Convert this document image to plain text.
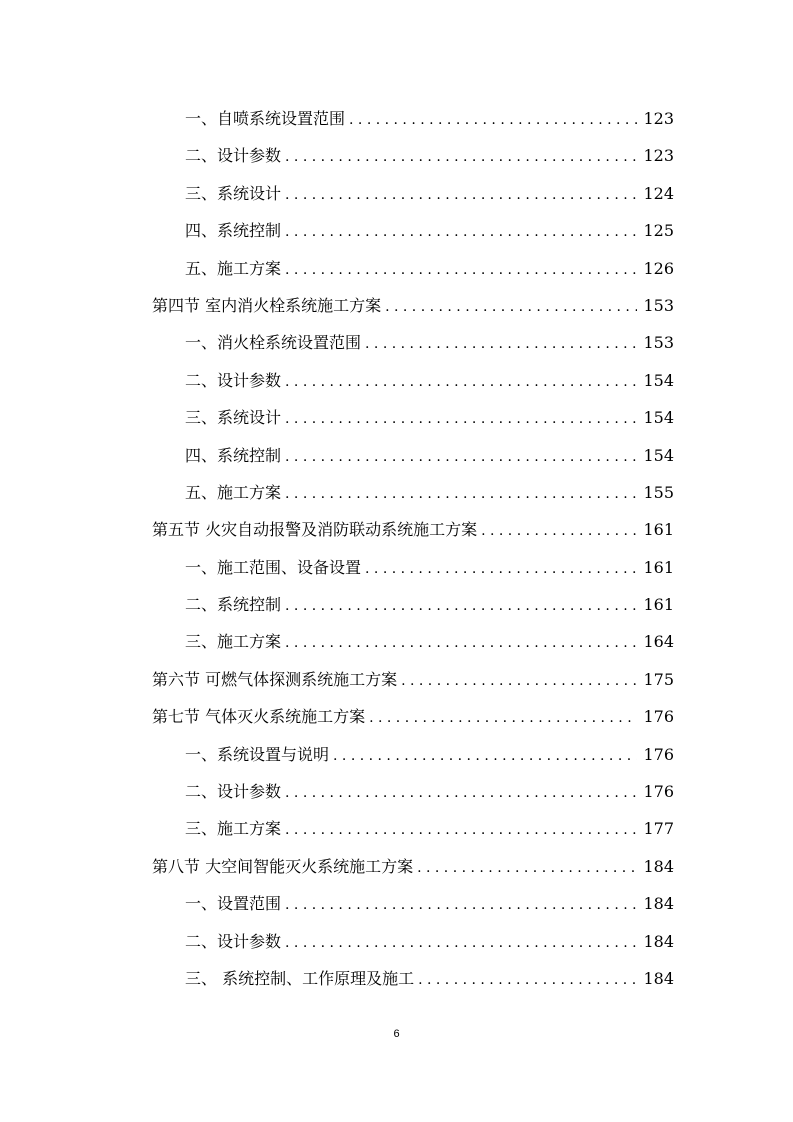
一、自喷系统设置范围 . . .	123
二、设计参数 . . .	123
三、系统设计 . . .	124
四、系统控制 . . .	125
五、施工方案 . . .	126
第四节 室内消火栓系统施工方案 . . .	153
一、消火栓系统设置范围 . . .	153
二、设计参数 . . .	154
三、系统设计 . . .	154
四、系统控制 . . .	154
五、施工方案 . . .	155
第五节 火灾自动报警及消防联动系统施工方案 . . .	161
一、施工范围、设备设置 . . .	161
二、系统控制 . . .	161
三、施工方案 . . .	164
第六节 可燃气体探测系统施工方案 . . .	175
第七节 气体灭火系统施工方案 . . .	176
一、系统设置与说明 . . .	176
二、设计参数 . . .	176
三、施工方案 . . .	177
第八节 大空间智能灭火系统施工方案 . . .	184
一、设置范围 . . .	184
二、设计参数 . . .	184
三、 系统控制、工作原理及施工 . . .	184
6
